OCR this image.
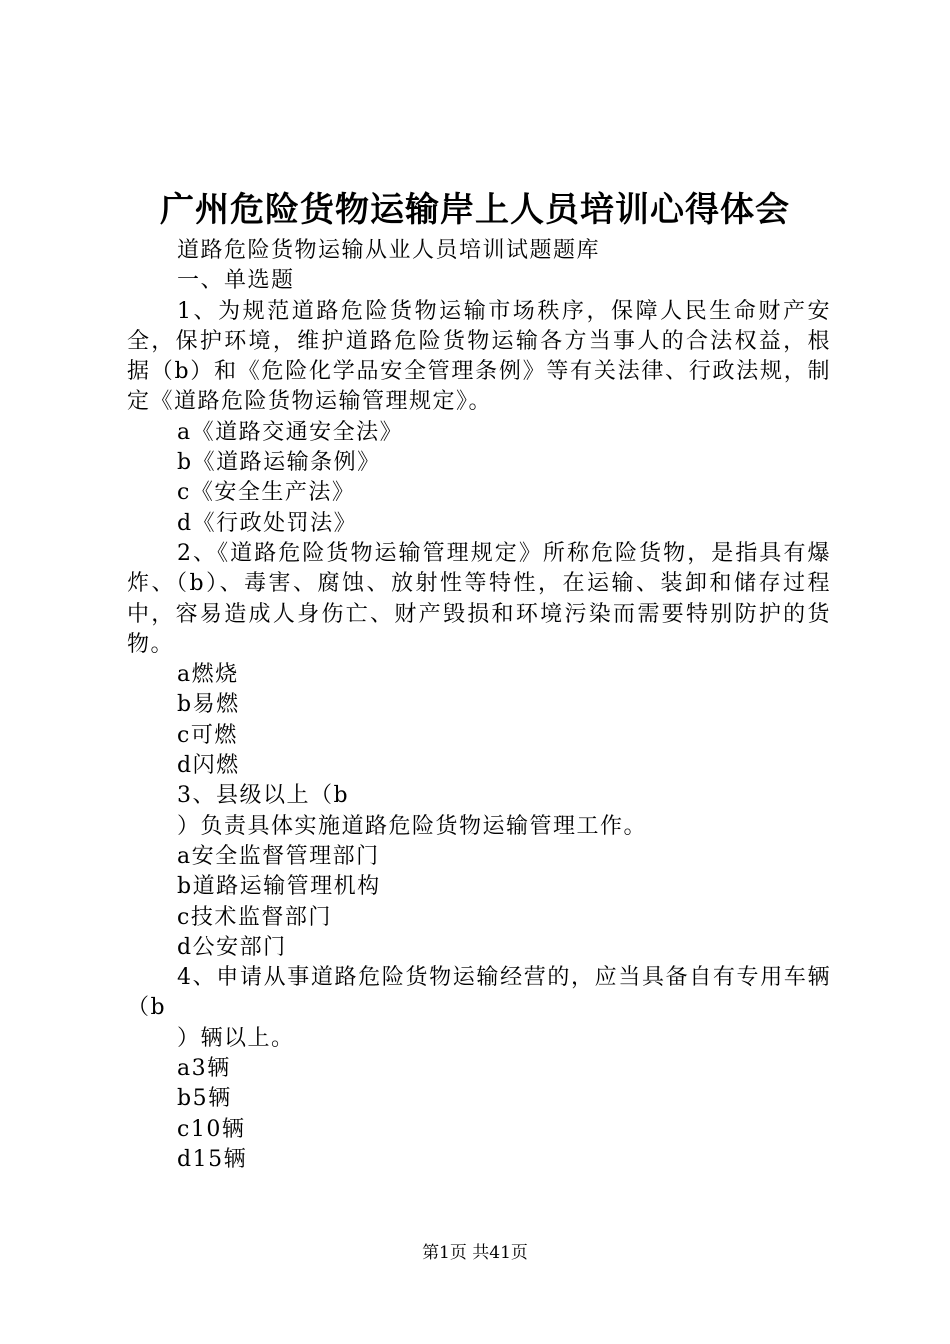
广州危险货物运输岸上人员培训心得体会

道路危险货物运输从业人员培训试题题库

一、单选题

1、为规范道路危险货物运输市场秩序，保障人民生命财产安全，保护环境，维护道路危险货物运输各方当事人的合法权益，根据（b）和《危险化学品安全管理条例》等有关法律、行政法规，制定《道路危险货物运输管理规定》。

a《道路交通安全法》

b《道路运输条例》

c《安全生产法》

d《行政处罚法》

2、《道路危险货物运输管理规定》所称危险货物，是指具有爆炸、（b）、毒害、腐蚀、放射性等特性，在运输、装卸和储存过程中，容易造成人身伤亡、财产毁损和环境污染而需要特别防护的货物。

a燃烧

b易燃

c可燃

d闪燃

3、县级以上（b

）负责具体实施道路危险货物运输管理工作。

a安全监督管理部门

b道路运输管理机构

c技术监督部门

d公安部门

4、申请从事道路危险货物运输经营的，应当具备自有专用车辆（b

）辆以上。

a3辆

b5辆

c10辆

d15辆

第1页 共41页
